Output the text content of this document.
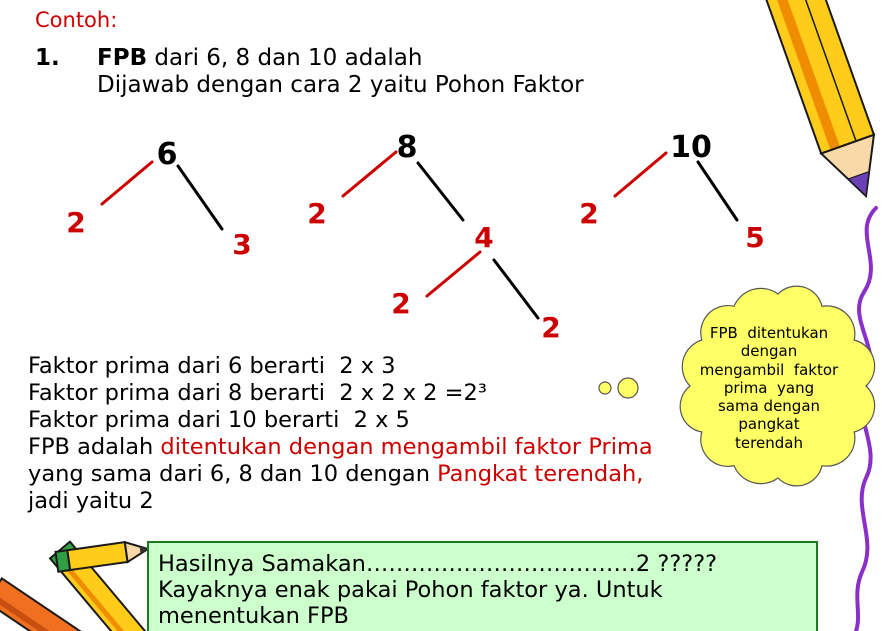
6
2
3
8
2
4
2
2
10
2
5
Contoh:
1. FPB dari 6, 8 dan 10 adalah
Dijawab dengan cara 2 yaitu Pohon Faktor
Faktor prima dari 6 berarti  2 x 3
Faktor prima dari 8 berarti  2 x 2 x 2 =2³
Faktor prima dari 10 berarti  2 x 5
FPB adalah ditentukan dengan mengambil faktor Prima
yang sama dari 6, 8 dan 10 dengan Pangkat terendah,
jadi yaitu 2
FPB  ditentukan
dengan
mengambil  faktor
prima  yang
sama dengan
pangkat
terendah
Hasilnya Samakan………………………………2 ?????
Kayaknya enak pakai Pohon faktor ya. Untuk
menentukan FPB
